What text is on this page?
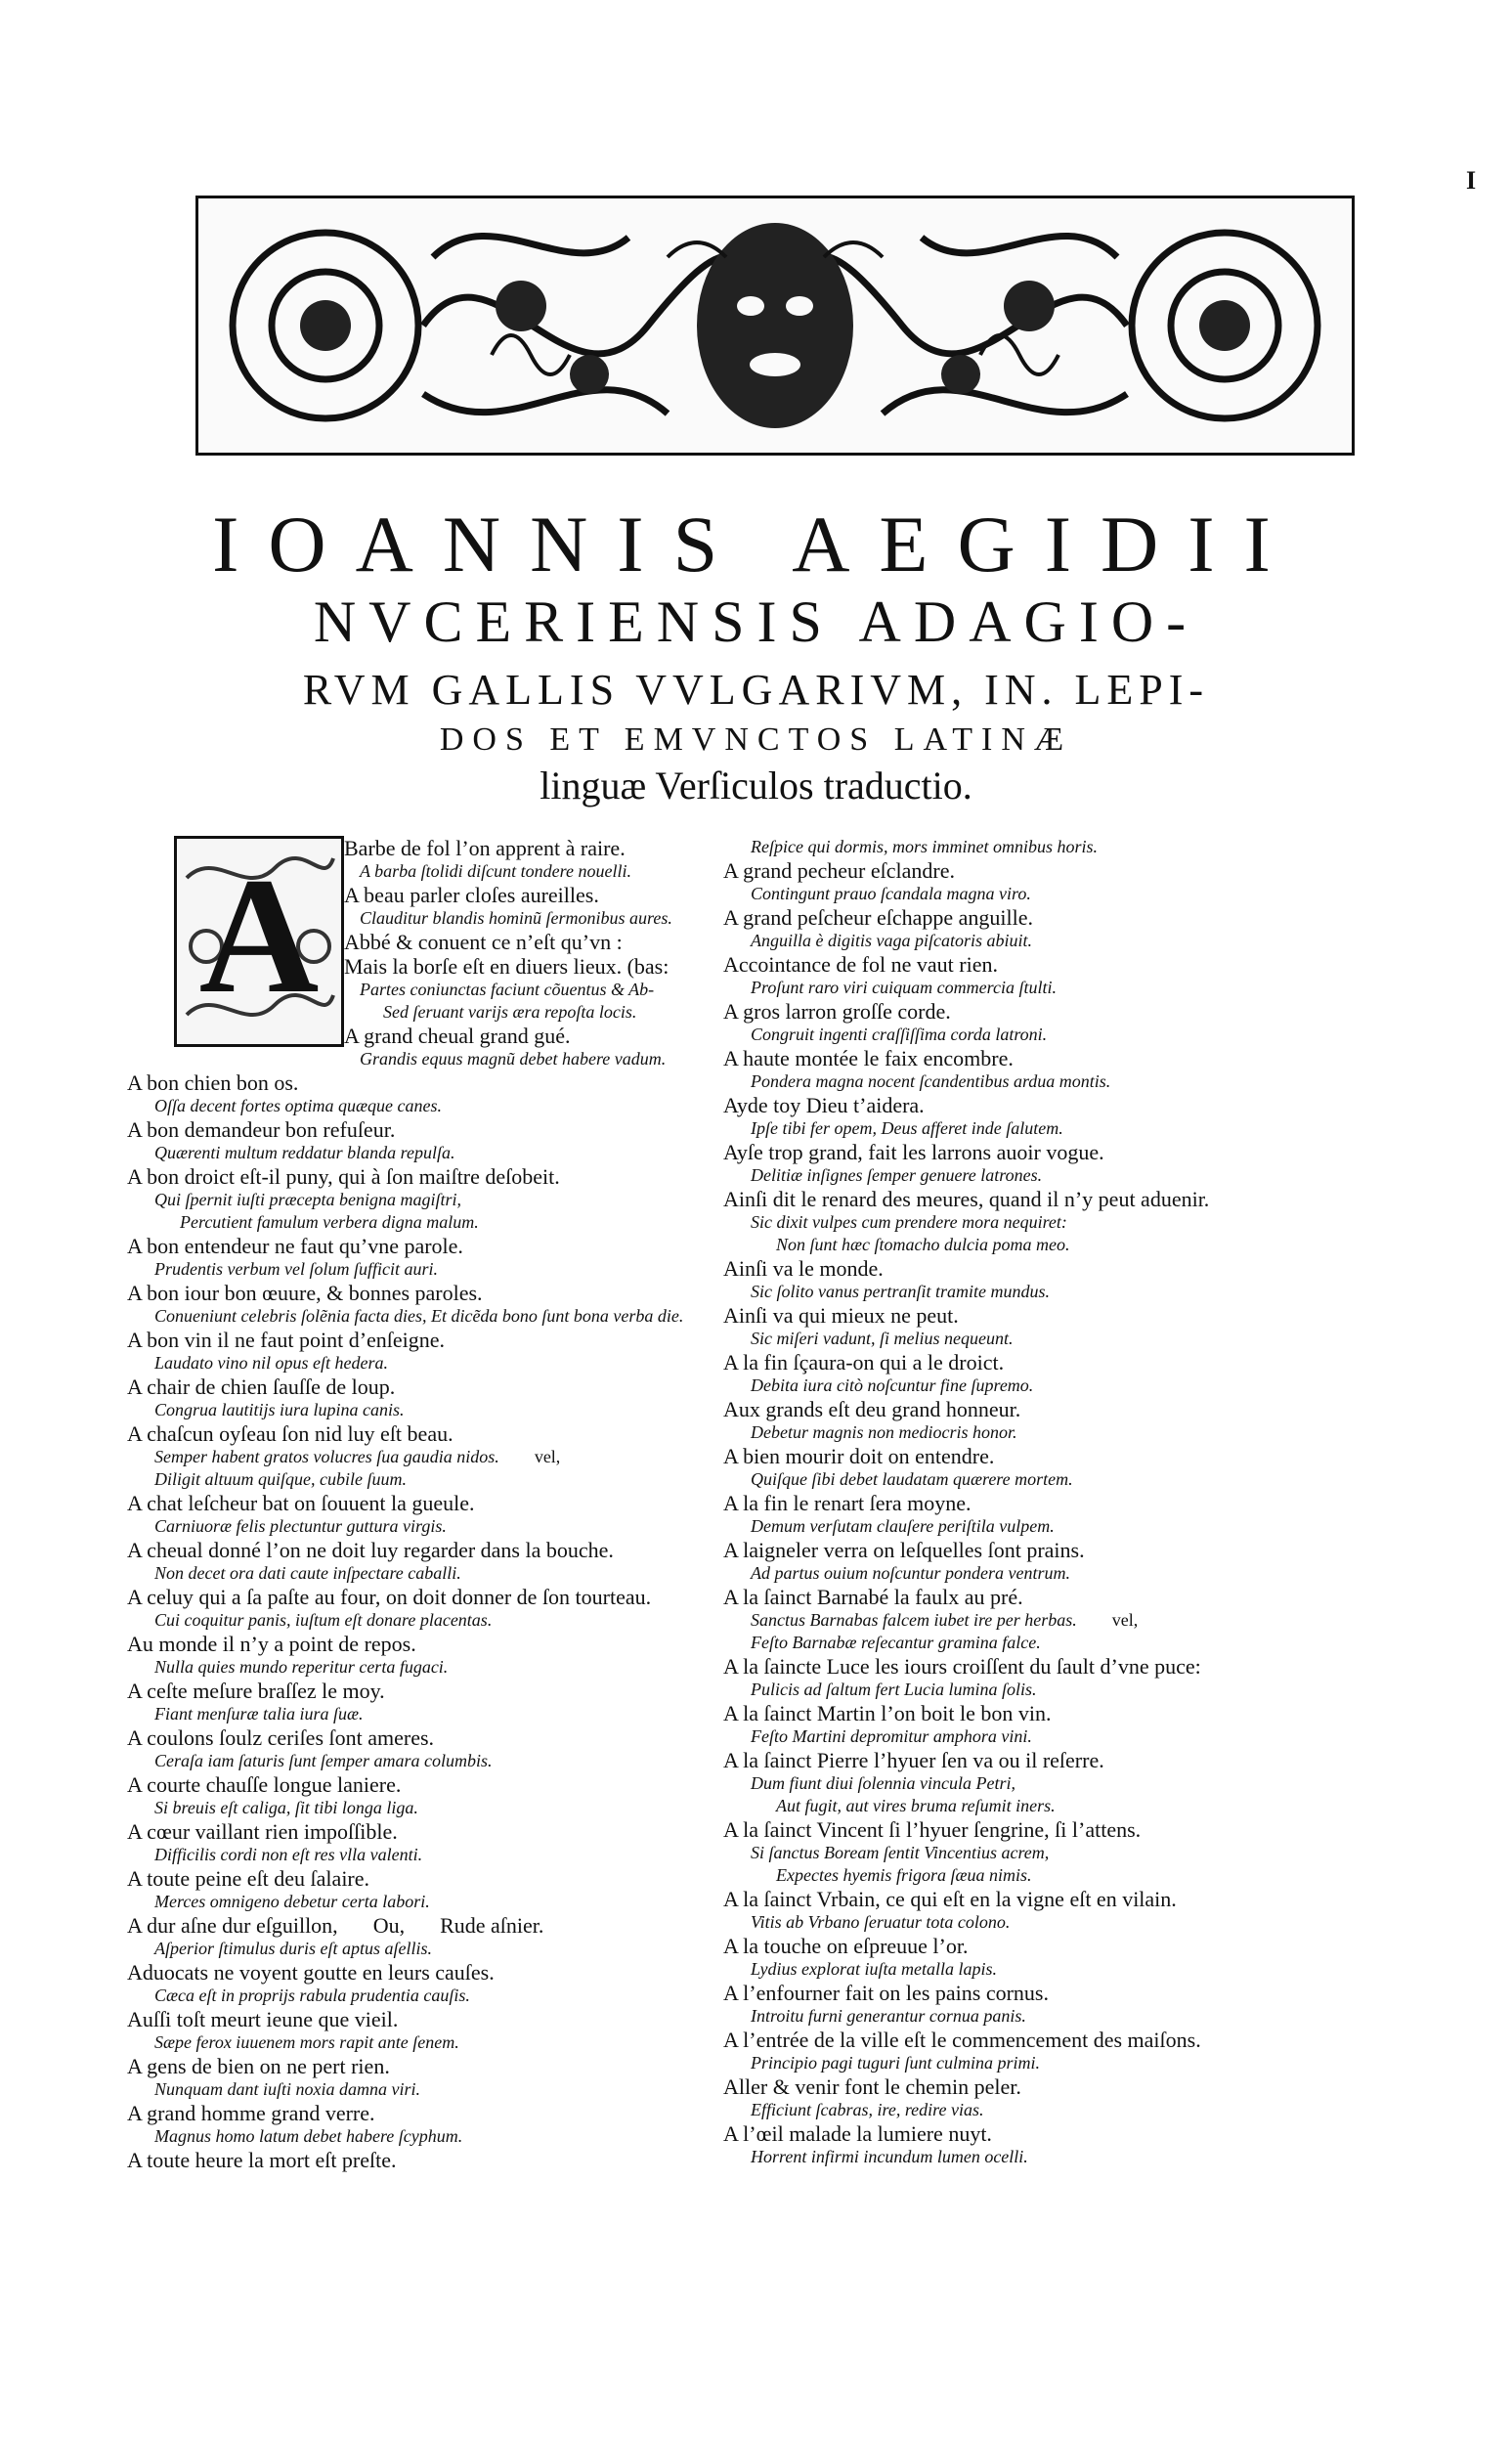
I
IOANNIS AEGIDII
NVCERIENSIS ADAGIO-
RVM GALLIS VVLGARIVM, IN. LEPI-
DOS ET EMVNCTOS LATINÆ
linguæ Verſiculos traductio.
A	Barbe de fol l’on apprent à raire.

A barba ſtolidi diſcunt tondere nouelli.

A beau parler cloſes aureilles.

Clauditur blandis hominũ ſermonibus aures.

Abbé & conuent ce n’eſt qu’vn :

Mais la borſe eſt en diuers lieux. (bas:

Partes coniunctas faciunt cõuentus & Ab-

Sed ſeruant varijs æra repoſta locis.

A grand cheual grand gué.

Grandis equus magnũ debet habere vadum.

A bon chien bon os.

Oſſa decent fortes optima quæque canes.

A bon demandeur bon refuſeur.

Quærenti multum reddatur blanda repulſa.

A bon droict eſt-il puny, qui à ſon maiſtre deſobeit.

Qui ſpernit iuſti præcepta benigna magiſtri,

Percutient famulum verbera digna malum.

A bon entendeur ne faut qu’vne parole.

Prudentis verbum vel ſolum ſufficit auri.

A bon iour bon œuure, & bonnes paroles.

Conueniunt celebris ſolẽnia facta dies, Et dicẽda bono ſunt bona verba die.

A bon vin il ne faut point d’enſeigne.

Laudato vino nil opus eſt hedera.

A chair de chien ſauſſe de loup.

Congrua lautitijs iura lupina canis.

A chaſcun oyſeau ſon nid luy eſt beau.

Semper habent gratos volucres ſua gaudia nidos. vel,

Diligit altuum quiſque, cubile ſuum.

A chat leſcheur bat on ſouuent la gueule.

Carniuoræ felis plectuntur guttura virgis.

A cheual donné l’on ne doit luy regarder dans la bouche.

Non decet ora dati caute inſpectare caballi.

A celuy qui a ſa paſte au four, on doit donner de ſon tourteau.

Cui coquitur panis, iuſtum eſt donare placentas.

Au monde il n’y a point de repos.

Nulla quies mundo reperitur certa fugaci.

A ceſte meſure braſſez le moy.

Fiant menſuræ talia iura ſuæ.

A coulons ſoulz ceriſes ſont ameres.

Ceraſa iam ſaturis ſunt ſemper amara columbis.

A courte chauſſe longue laniere.

Si breuis eſt caliga, ſit tibi longa liga.

A cœur vaillant rien impoſſible.

Difficilis cordi non eſt res vlla valenti.

A toute peine eſt deu ſalaire.

Merces omnigeno debetur certa labori.

A dur aſne dur eſguillon, Ou, Rude aſnier.

Aſperior ſtimulus duris eſt aptus aſellis.

Aduocats ne voyent goutte en leurs cauſes.

Cæca eſt in proprijs rabula prudentia cauſis.

Auſſi toſt meurt ieune que vieil.

Sæpe ferox iuuenem mors rapit ante ſenem.

A gens de bien on ne pert rien.

Nunquam dant iuſti noxia damna viri.

A grand homme grand verre.

Magnus homo latum debet habere ſcyphum.

A toute heure la mort eſt preſte.

Reſpice qui dormis, mors imminet omnibus horis.

A grand pecheur eſclandre.

Contingunt prauo ſcandala magna viro.

A grand peſcheur eſchappe anguille.

Anguilla è digitis vaga piſcatoris abiuit.

Accointance de fol ne vaut rien.

Proſunt raro viri cuiquam commercia ſtulti.

A gros larron groſſe corde.

Congruit ingenti craſſiſſima corda latroni.

A haute montée le faix encombre.

Pondera magna nocent ſcandentibus ardua montis.

Ayde toy Dieu t’aidera.

Ipſe tibi fer opem, Deus afferet inde ſalutem.

Ayſe trop grand, fait les larrons auoir vogue.

Delitiæ inſignes ſemper genuere latrones.

Ainſi dit le renard des meures, quand il n’y peut aduenir.

Sic dixit vulpes cum prendere mora nequiret:

Non ſunt hæc ſtomacho dulcia poma meo.

Ainſi va le monde.

Sic ſolito vanus pertranſit tramite mundus.

Ainſi va qui mieux ne peut.

Sic miſeri vadunt, ſi melius nequeunt.

A la fin ſçaura-on qui a le droict.

Debita iura citò noſcuntur fine ſupremo.

Aux grands eſt deu grand honneur.

Debetur magnis non mediocris honor.

A bien mourir doit on entendre.

Quiſque ſibi debet laudatam quærere mortem.

A la fin le renart ſera moyne.

Demum verſutam clauſere periſtila vulpem.

A laigneler verra on leſquelles ſont prains.

Ad partus ouium noſcuntur pondera ventrum.

A la ſainct Barnabé la faulx au pré.

Sanctus Barnabas falcem iubet ire per herbas. vel,

Feſto Barnabæ reſecantur gramina falce.

A la ſaincte Luce les iours croiſſent du ſault d’vne puce:

Pulicis ad ſaltum fert Lucia lumina ſolis.

A la ſainct Martin l’on boit le bon vin.

Feſto Martini depromitur amphora vini.

A la ſainct Pierre l’hyuer ſen va ou il reſerre.

Dum fiunt diui ſolennia vincula Petri,

Aut fugit, aut vires bruma reſumit iners.

A la ſainct Vincent ſi l’hyuer ſengrine, ſi l’attens.

Si ſanctus Boream ſentit Vincentius acrem,

Expectes hyemis frigora ſæua nimis.

A la ſainct Vrbain, ce qui eſt en la vigne eſt en vilain.

Vitis ab Vrbano ſeruatur tota colono.

A la touche on eſpreuue l’or.

Lydius explorat iuſta metalla lapis.

A l’enfourner fait on les pains cornus.

Introitu furni generantur cornua panis.

A l’entrée de la ville eſt le commencement des maiſons.

Principio pagi tuguri ſunt culmina primi.

Aller & venir font le chemin peler.

Efficiunt ſcabras, ire, redire vias.

A l’œil malade la lumiere nuyt.

Horrent infirmi incundum lumen ocelli.
